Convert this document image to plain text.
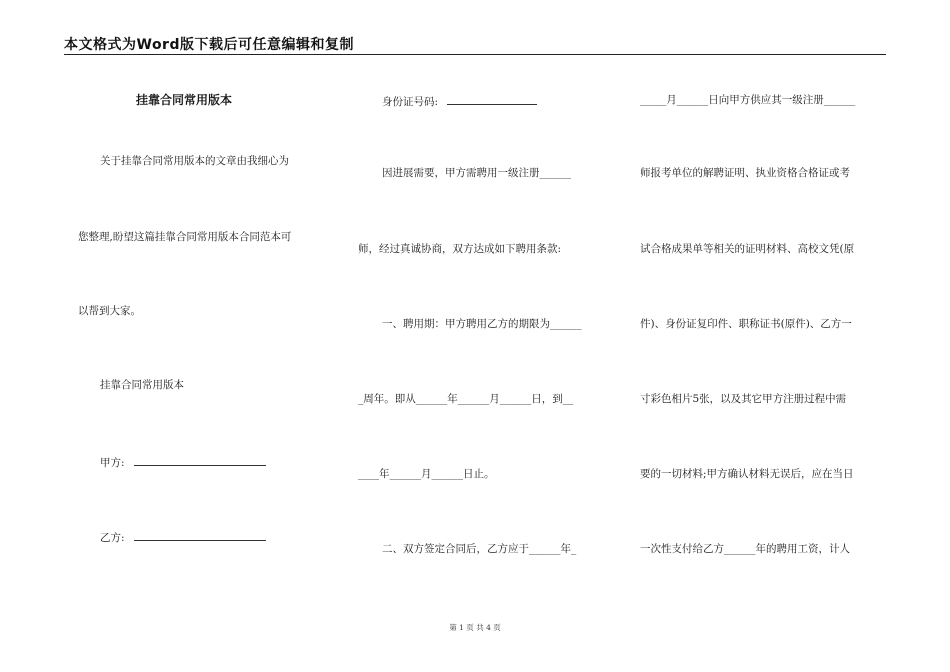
本文格式为Word版下载后可任意编辑和复制
挂靠合同常用版本
关于挂靠合同常用版本的文章由我细心为
您整理,盼望这篇挂靠合同常用版本合同范本可
以帮到大家。
挂靠合同常用版本
甲方:
乙方:
身份证号码:
因进展需要，甲方需聘用一级注册______
师，经过真诚协商，双方达成如下聘用条款:
一、聘用期：甲方聘用乙方的期限为______
_周年。即从______年______月______日，到__
____年______月______日止。
二、双方签定合同后，乙方应于______年_
_____月______日向甲方供应其一级注册______
师报考单位的解聘证明、执业资格合格证或考
试合格成果单等相关的证明材料、高校文凭(原
件)、身份证复印件、职称证书(原件)、乙方一
寸彩色相片5张，以及其它甲方注册过程中需
要的一切材料;甲方确认材料无误后，应在当日
一次性支付给乙方______年的聘用工资，计人
第 1 页 共 4 页
